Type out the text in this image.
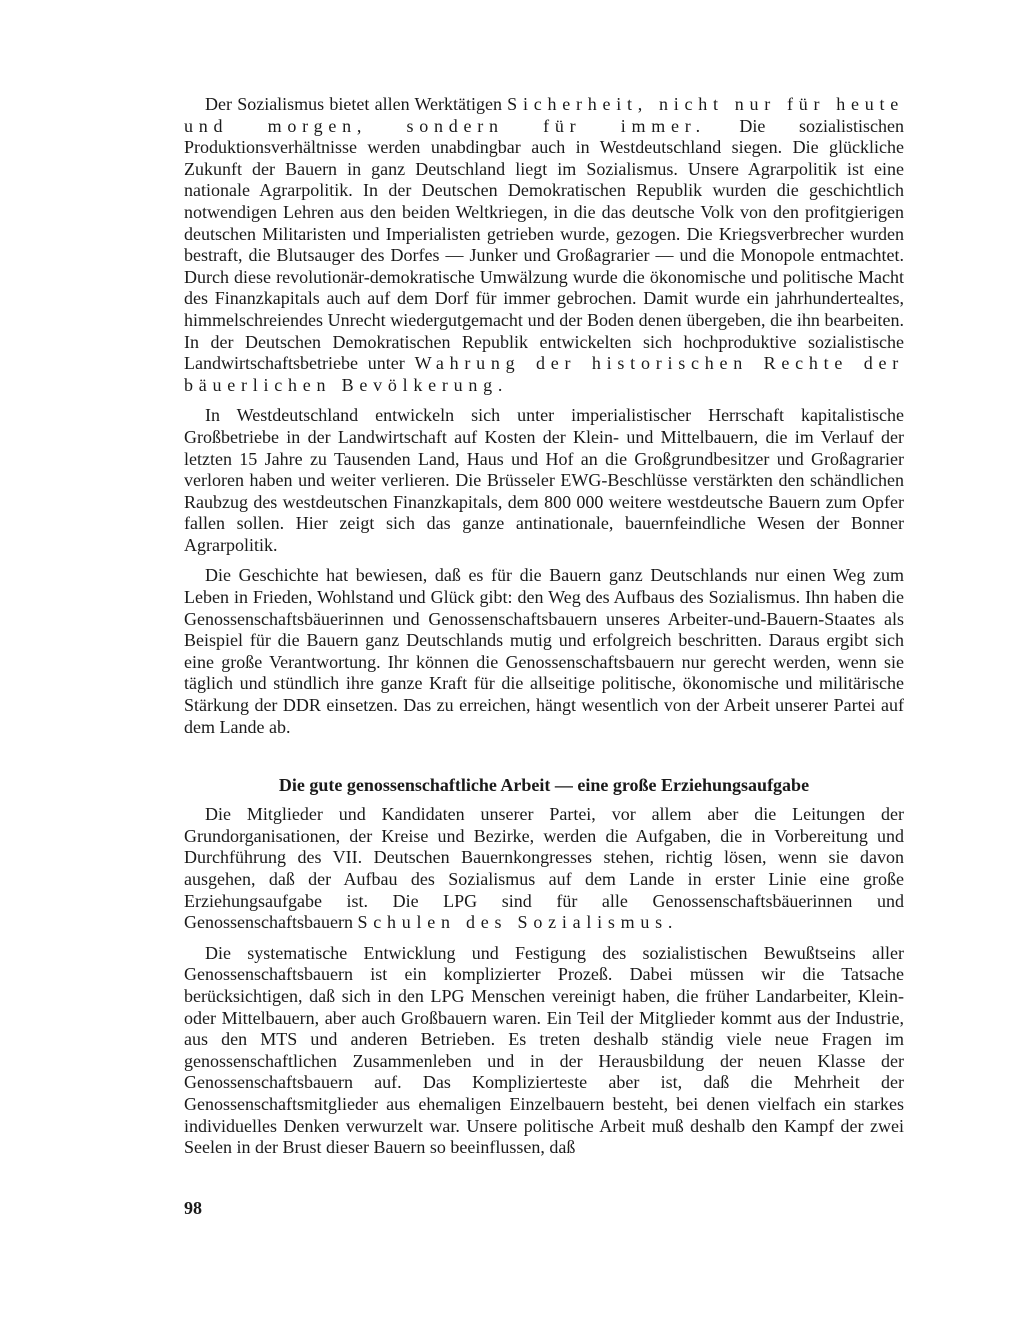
Der Sozialismus bietet allen Werktätigen Sicherheit, nicht nur für heute und morgen, sondern für immer. Die sozialistischen Produktionsverhältnisse werden unabdingbar auch in Westdeutschland siegen. Die glückliche Zukunft der Bauern in ganz Deutschland liegt im Sozialismus. Unsere Agrarpolitik ist eine nationale Agrarpolitik. In der Deutschen Demokratischen Republik wurden die geschichtlich notwendigen Lehren aus den beiden Weltkriegen, in die das deutsche Volk von den profitgierigen deutschen Militaristen und Imperialisten getrieben wurde, gezogen. Die Kriegsverbrecher wurden bestraft, die Blutsauger des Dorfes — Junker und Großagrarier — und die Monopole entmachtet. Durch diese revolutionär-demokratische Umwälzung wurde die ökonomische und politische Macht des Finanzkapitals auch auf dem Dorf für immer gebrochen. Damit wurde ein jahrhundertealtes, himmelschreiendes Unrecht wiedergutgemacht und der Boden denen übergeben, die ihn bearbeiten. In der Deutschen Demokratischen Republik entwickelten sich hochproduktive sozialistische Landwirtschaftsbetriebe unter Wahrung der historischen Rechte der bäuerlichen Bevölkerung.

In Westdeutschland entwickeln sich unter imperialistischer Herrschaft kapitalistische Großbetriebe in der Landwirtschaft auf Kosten der Klein- und Mittelbauern, die im Verlauf der letzten 15 Jahre zu Tausenden Land, Haus und Hof an die Großgrundbesitzer und Großagrarier verloren haben und weiter verlieren. Die Brüsseler EWG-Beschlüsse verstärkten den schändlichen Raubzug des westdeutschen Finanzkapitals, dem 800 000 weitere westdeutsche Bauern zum Opfer fallen sollen. Hier zeigt sich das ganze antinationale, bauernfeindliche Wesen der Bonner Agrarpolitik.

Die Geschichte hat bewiesen, daß es für die Bauern ganz Deutschlands nur einen Weg zum Leben in Frieden, Wohlstand und Glück gibt: den Weg des Aufbaus des Sozialismus. Ihn haben die Genossenschaftsbäuerinnen und Genossenschaftsbauern unseres Arbeiter-und-Bauern-Staates als Beispiel für die Bauern ganz Deutschlands mutig und erfolgreich beschritten. Daraus ergibt sich eine große Verantwortung. Ihr können die Genossenschaftsbauern nur gerecht werden, wenn sie täglich und stündlich ihre ganze Kraft für die allseitige politische, ökonomische und militärische Stärkung der DDR einsetzen. Das zu erreichen, hängt wesentlich von der Arbeit unserer Partei auf dem Lande ab.

Die gute genossenschaftliche Arbeit — eine große Erziehungsaufgabe

Die Mitglieder und Kandidaten unserer Partei, vor allem aber die Leitungen der Grundorganisationen, der Kreise und Bezirke, werden die Aufgaben, die in Vorbereitung und Durchführung des VII. Deutschen Bauernkongresses stehen, richtig lösen, wenn sie davon ausgehen, daß der Aufbau des Sozialismus auf dem Lande in erster Linie eine große Erziehungsaufgabe ist. Die LPG sind für alle Genossenschaftsbäuerinnen und Genossenschaftsbauern Schulen des Sozialismus.

Die systematische Entwicklung und Festigung des sozialistischen Bewußtseins aller Genossenschaftsbauern ist ein komplizierter Prozeß. Dabei müssen wir die Tatsache berücksichtigen, daß sich in den LPG Menschen vereinigt haben, die früher Landarbeiter, Klein- oder Mittelbauern, aber auch Großbauern waren. Ein Teil der Mitglieder kommt aus der Industrie, aus den MTS und anderen Betrieben. Es treten deshalb ständig viele neue Fragen im genossenschaftlichen Zusammenleben und in der Herausbildung der neuen Klasse der Genossenschaftsbauern auf. Das Komplizierteste aber ist, daß die Mehrheit der Genossenschaftsmitglieder aus ehemaligen Einzelbauern besteht, bei denen vielfach ein starkes individuelles Denken verwurzelt war. Unsere politische Arbeit muß deshalb den Kampf der zwei Seelen in der Brust dieser Bauern so beeinflussen, daß

98
